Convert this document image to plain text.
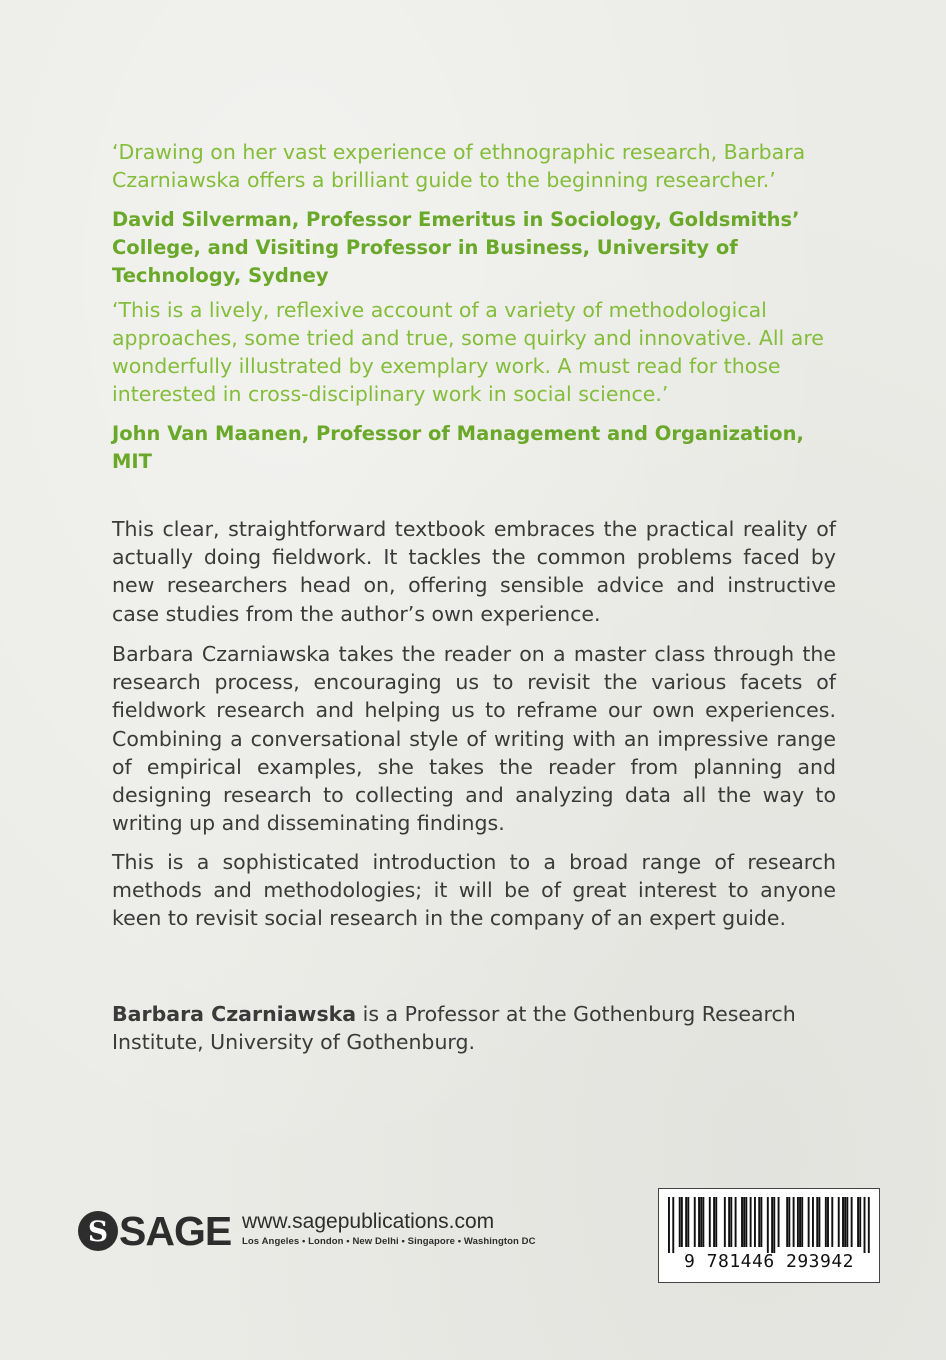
‘Drawing on her vast experience of ethnographic research, Barbara Czarniawska offers a brilliant guide to the beginning researcher.’
David Silverman, Professor Emeritus in Sociology, Goldsmiths’ College, and Visiting Professor in Business, University of Technology, Sydney
‘This is a lively, reflexive account of a variety of methodological approaches, some tried and true, some quirky and innovative. All are wonderfully illustrated by exemplary work. A must read for those interested in cross-disciplinary work in social science.’
John Van Maanen, Professor of Management and Organization, MIT
This clear, straightforward textbook embraces the practical reality of actually doing fieldwork. It tackles the common problems faced by new researchers head on, offering sensible advice and instructive case studies from the author’s own experience.
Barbara Czarniawska takes the reader on a master class through the research process, encouraging us to revisit the various facets of fieldwork research and helping us to reframe our own experiences. Combining a conversational style of writing with an impressive range of empirical examples, she takes the reader from planning and designing research to collecting and analyzing data all the way to writing up and disseminating findings.
This is a sophisticated introduction to a broad range of research methods and methodologies; it will be of great interest to anyone keen to revisit social research in the company of an expert guide.
Barbara Czarniawska is a Professor at the Gothenburg Research Institute, University of Gothenburg.
S SAGE www.sagepublications.com
Los Angeles • London • New Delhi • Singapore • Washington DC
9 781446 293942
